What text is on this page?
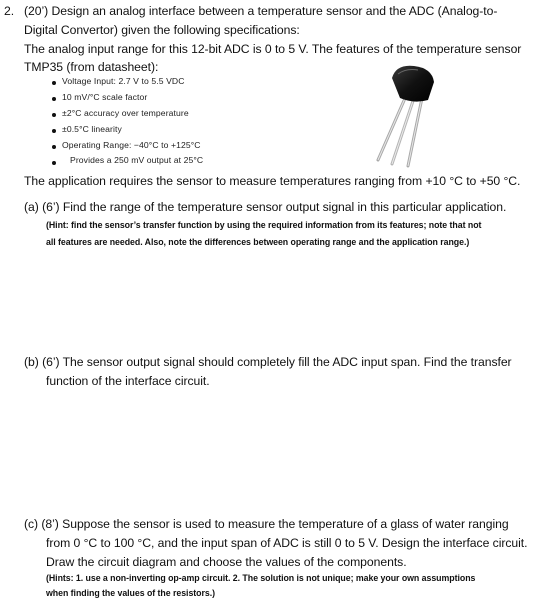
2. (20’) Design an analog interface between a temperature sensor and the ADC (Analog-to-
Digital Convertor) given the following specifications:
The analog input range for this 12-bit ADC is 0 to 5 V. The features of the temperature sensor
TMP35 (from datasheet):
Voltage Input: 2.7 V to 5.5 VDC
10 mV/°C scale factor
±2°C accuracy over temperature
±0.5°C linearity
Operating Range: −40°C to +125°C
Provides a 250 mV output at 25°C
The application requires the sensor to measure temperatures ranging from +10 °C to +50 °C.
(a) (6’) Find the range of the temperature sensor output signal in this particular application.
(Hint: find the sensor’s transfer function by using the required information from its features; note that not
all features are needed. Also, note the differences between operating range and the application range.)
(b) (6’) The sensor output signal should completely fill the ADC input span. Find the transfer
function of the interface circuit.
(c) (8’) Suppose the sensor is used to measure the temperature of a glass of water ranging
from 0 °C to 100 °C, and the input span of ADC is still 0 to 5 V. Design the interface circuit.
Draw the circuit diagram and choose the values of the components.
(Hints: 1. use a non-inverting op-amp circuit. 2. The solution is not unique; make your own assumptions
when finding the values of the resistors.)
